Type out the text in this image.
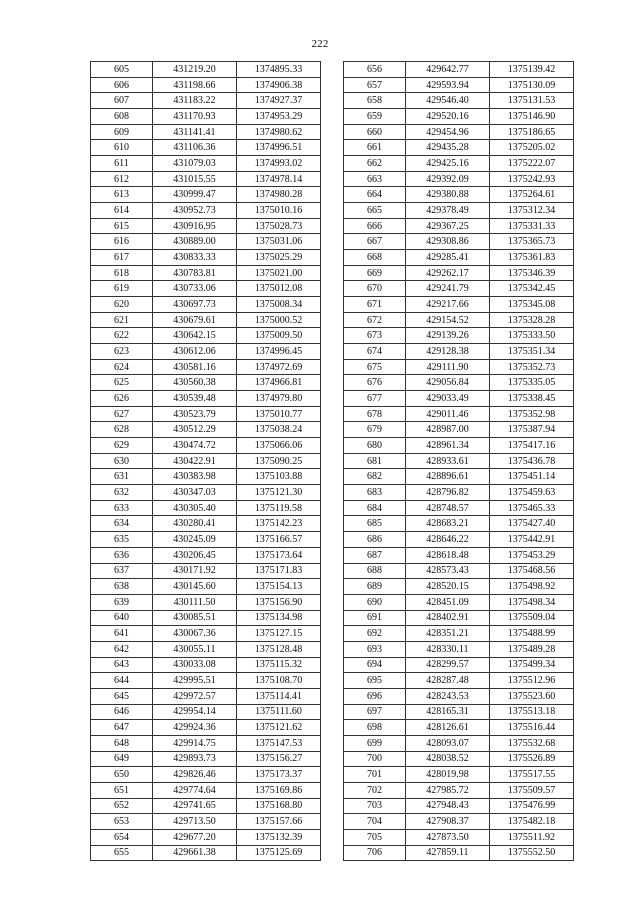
222
605	431219.20	1374895.33
606	431198.66	1374906.38
607	431183.22	1374927.37
608	431170.93	1374953.29
609	431141.41	1374980.62
610	431106.36	1374996.51
611	431079.03	1374993.02
612	431015.55	1374978.14
613	430999.47	1374980.28
614	430952.73	1375010.16
615	430916.95	1375028.73
616	430889.00	1375031.06
617	430833.33	1375025.29
618	430783.81	1375021.00
619	430733.06	1375012.08
620	430697.73	1375008.34
621	430679.61	1375000.52
622	430642.15	1375009.50
623	430612.06	1374996.45
624	430581.16	1374972.69
625	430560.38	1374966.81
626	430539.48	1374979.80
627	430523.79	1375010.77
628	430512.29	1375038.24
629	430474.72	1375066.06
630	430422.91	1375090.25
631	430383.98	1375103.88
632	430347.03	1375121.30
633	430305.40	1375119.58
634	430280.41	1375142.23
635	430245.09	1375166.57
636	430206.45	1375173.64
637	430171.92	1375171.83
638	430145.60	1375154.13
639	430111.50	1375156.90
640	430085.51	1375134.98
641	430067.36	1375127.15
642	430055.11	1375128.48
643	430033.08	1375115.32
644	429995.51	1375108.70
645	429972.57	1375114.41
646	429954.14	1375111.60
647	429924.36	1375121.62
648	429914.75	1375147.53
649	429893.73	1375156.27
650	429826.46	1375173.37
651	429774.64	1375169.86
652	429741.65	1375168.80
653	429713.50	1375157.66
654	429677.20	1375132.39
655	429661.38	1375125.69
656	429642.77	1375139.42
657	429593.94	1375130.09
658	429546.40	1375131.53
659	429520.16	1375146.90
660	429454.96	1375186.65
661	429435.28	1375205.02
662	429425.16	1375222.07
663	429392.09	1375242.93
664	429380.88	1375264.61
665	429378.49	1375312.34
666	429367.25	1375331.33
667	429308.86	1375365.73
668	429285.41	1375361.83
669	429262.17	1375346.39
670	429241.79	1375342.45
671	429217.66	1375345.08
672	429154.52	1375328.28
673	429139.26	1375333.50
674	429128.38	1375351.34
675	429111.90	1375352.73
676	429056.84	1375335.05
677	429033.49	1375338.45
678	429011.46	1375352.98
679	428987.00	1375387.94
680	428961.34	1375417.16
681	428933.61	1375436.78
682	428896.61	1375451.14
683	428796.82	1375459.63
684	428748.57	1375465.33
685	428683.21	1375427.40
686	428646.22	1375442.91
687	428618.48	1375453.29
688	428573.43	1375468.56
689	428520.15	1375498.92
690	428451.09	1375498.34
691	428402.91	1375509.04
692	428351.21	1375488.99
693	428330.11	1375489.28
694	428299.57	1375499.34
695	428287.48	1375512.96
696	428243.53	1375523.60
697	428165.31	1375513.18
698	428126.61	1375516.44
699	428093.07	1375532.68
700	428038.52	1375526.89
701	428019.98	1375517.55
702	427985.72	1375509.57
703	427948.43	1375476.99
704	427908.37	1375482.18
705	427873.50	1375511.92
706	427859.11	1375552.50
